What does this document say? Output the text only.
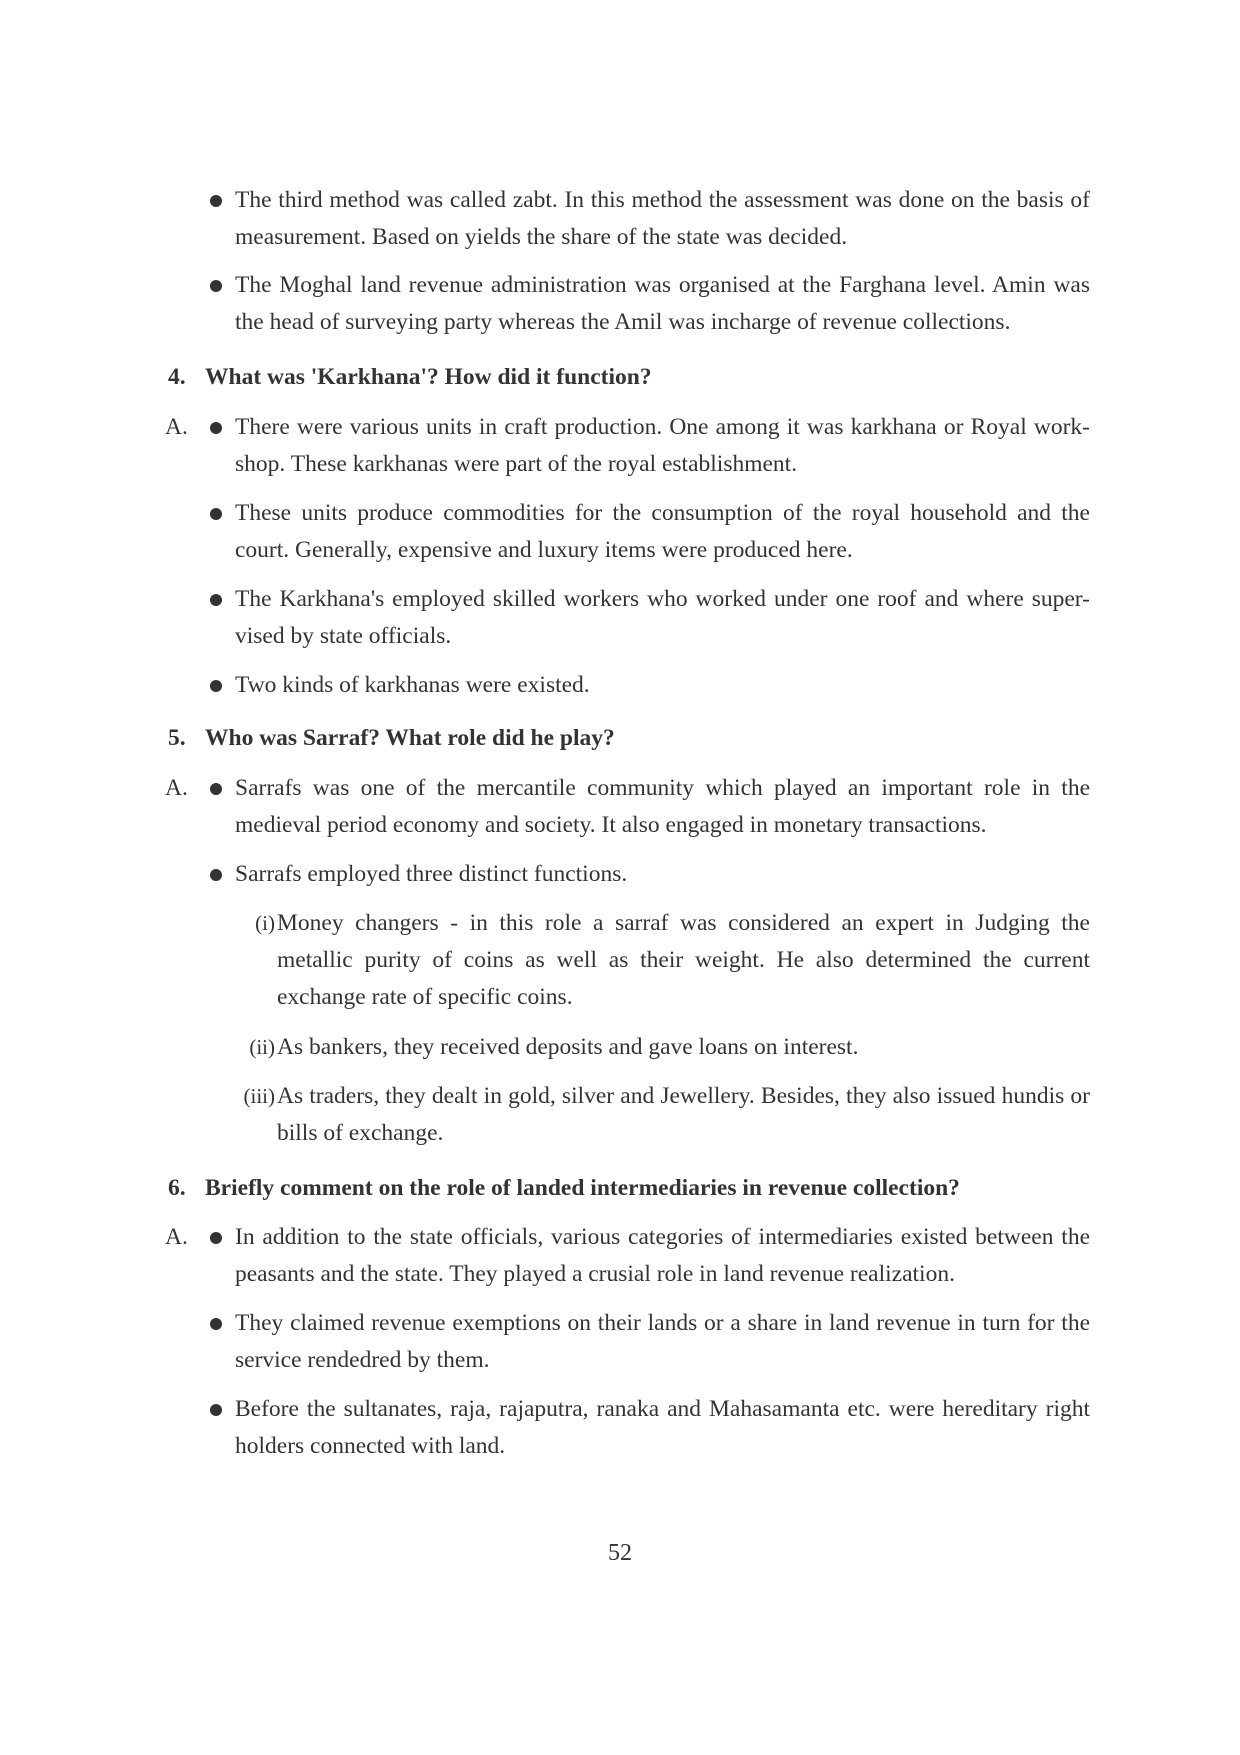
The third method was called zabt. In this method the assessment was done on the basis of measurement. Based on yields the share of the state was decided.
The Moghal land revenue administration was organised at the Farghana level. Amin was the head of surveying party whereas the Amil was incharge of revenue collections.
4. What was 'Karkhana'? How did it function?
A. There were various units in craft production. One among it was karkhana or Royal work-shop. These karkhanas were part of the royal establishment.
These units produce commodities for the consumption of the royal household and the court. Generally, expensive and luxury items were produced here.
The Karkhana's employed skilled workers who worked under one roof and where super-vised by state officials.
Two kinds of karkhanas were existed.
5. Who was Sarraf? What role did he play?
A. Sarrafs was one of the mercantile community which played an important role in the medieval period economy and society. It also engaged in monetary transactions.
Sarrafs employed three distinct functions.
(i) Money changers - in this role a sarraf was considered an expert in Judging the metallic purity of coins as well as their weight. He also determined the current exchange rate of specific coins.
(ii) As bankers, they received deposits and gave loans on interest.
(iii) As traders, they dealt in gold, silver and Jewellery. Besides, they also issued hundis or bills of exchange.
6. Briefly comment on the role of landed intermediaries in revenue collection?
A. In addition to the state officials, various categories of intermediaries existed between the peasants and the state. They played a crusial role in land revenue realization.
They claimed revenue exemptions on their lands or a share in land revenue in turn for the service rendedred by them.
Before the sultanates, raja, rajaputra, ranaka and Mahasamanta etc. were hereditary right holders connected with land.
52
